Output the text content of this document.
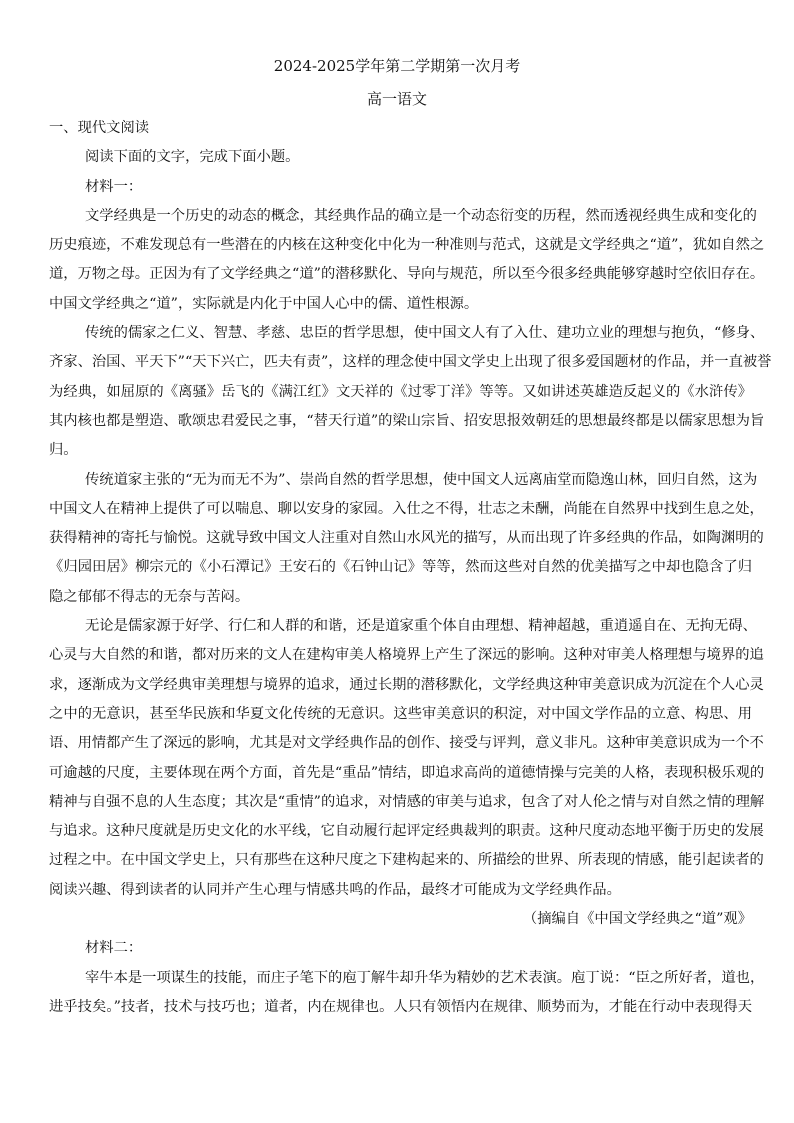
2024-2025学年第二学期第一次月考
高一语文
一、现代文阅读
阅读下面的文字，完成下面小题。
材料一：
文学经典是一个历史的动态的概念，其经典作品的确立是一个动态衍变的历程，然而透视经典生成和变化的
历史痕迹，不难发现总有一些潜在的内核在这种变化中化为一种准则与范式，这就是文学经典之“道”，犹如自然之
道，万物之母。正因为有了文学经典之“道”的潜移默化、导向与规范，所以至今很多经典能够穿越时空依旧存在。
中国文学经典之“道”，实际就是内化于中国人心中的儒、道性根源。
传统的儒家之仁义、智慧、孝慈、忠臣的哲学思想，使中国文人有了入仕、建功立业的理想与抱负，“修身、
齐家、治国、平天下”“天下兴亡，匹夫有责”，这样的理念使中国文学史上出现了很多爱国题材的作品，并一直被誉
为经典，如屈原的《离骚》岳飞的《满江红》文天祥的《过零丁洋》等等。又如讲述英雄造反起义的《水浒传》
其内核也都是塑造、歌颂忠君爱民之事，“替天行道”的梁山宗旨、招安思报效朝廷的思想最终都是以儒家思想为旨
归。
传统道家主张的“无为而无不为”、崇尚自然的哲学思想，使中国文人远离庙堂而隐逸山林，回归自然，这为
中国文人在精神上提供了可以喘息、聊以安身的家园。入仕之不得，壮志之未酬，尚能在自然界中找到生息之处，
获得精神的寄托与愉悦。这就导致中国文人注重对自然山水风光的描写，从而出现了许多经典的作品，如陶渊明的
《归园田居》柳宗元的《小石潭记》王安石的《石钟山记》等等，然而这些对自然的优美描写之中却也隐含了归
隐之郁郁不得志的无奈与苦闷。
无论是儒家源于好学、行仁和人群的和谐，还是道家重个体自由理想、精神超越，重逍遥自在、无拘无碍、
心灵与大自然的和谐，都对历来的文人在建构审美人格境界上产生了深远的影响。这种对审美人格理想与境界的追
求，逐渐成为文学经典审美理想与境界的追求，通过长期的潜移默化，文学经典这种审美意识成为沉淀在个人心灵
之中的无意识，甚至华民族和华夏文化传统的无意识。这些审美意识的积淀，对中国文学作品的立意、构思、用
语、用情都产生了深远的影响，尤其是对文学经典作品的创作、接受与评判，意义非凡。这种审美意识成为一个不
可逾越的尺度，主要体现在两个方面，首先是“重品”情结，即追求高尚的道德情操与完美的人格，表现积极乐观的
精神与自强不息的人生态度；其次是“重情”的追求，对情感的审美与追求，包含了对人伦之情与对自然之情的理解
与追求。这种尺度就是历史文化的水平线，它自动履行起评定经典裁判的职责。这种尺度动态地平衡于历史的发展
过程之中。在中国文学史上，只有那些在这种尺度之下建构起来的、所描绘的世界、所表现的情感，能引起读者的
阅读兴趣、得到读者的认同并产生心理与情感共鸣的作品，最终才可能成为文学经典作品。
（摘编自《中国文学经典之“道”观》
材料二：
宰牛本是一项谋生的技能，而庄子笔下的庖丁解牛却升华为精妙的艺术表演。庖丁说：“臣之所好者，道也，
进乎技矣。”技者，技术与技巧也；道者，内在规律也。人只有领悟内在规律、顺势而为，才能在行动中表现得天
